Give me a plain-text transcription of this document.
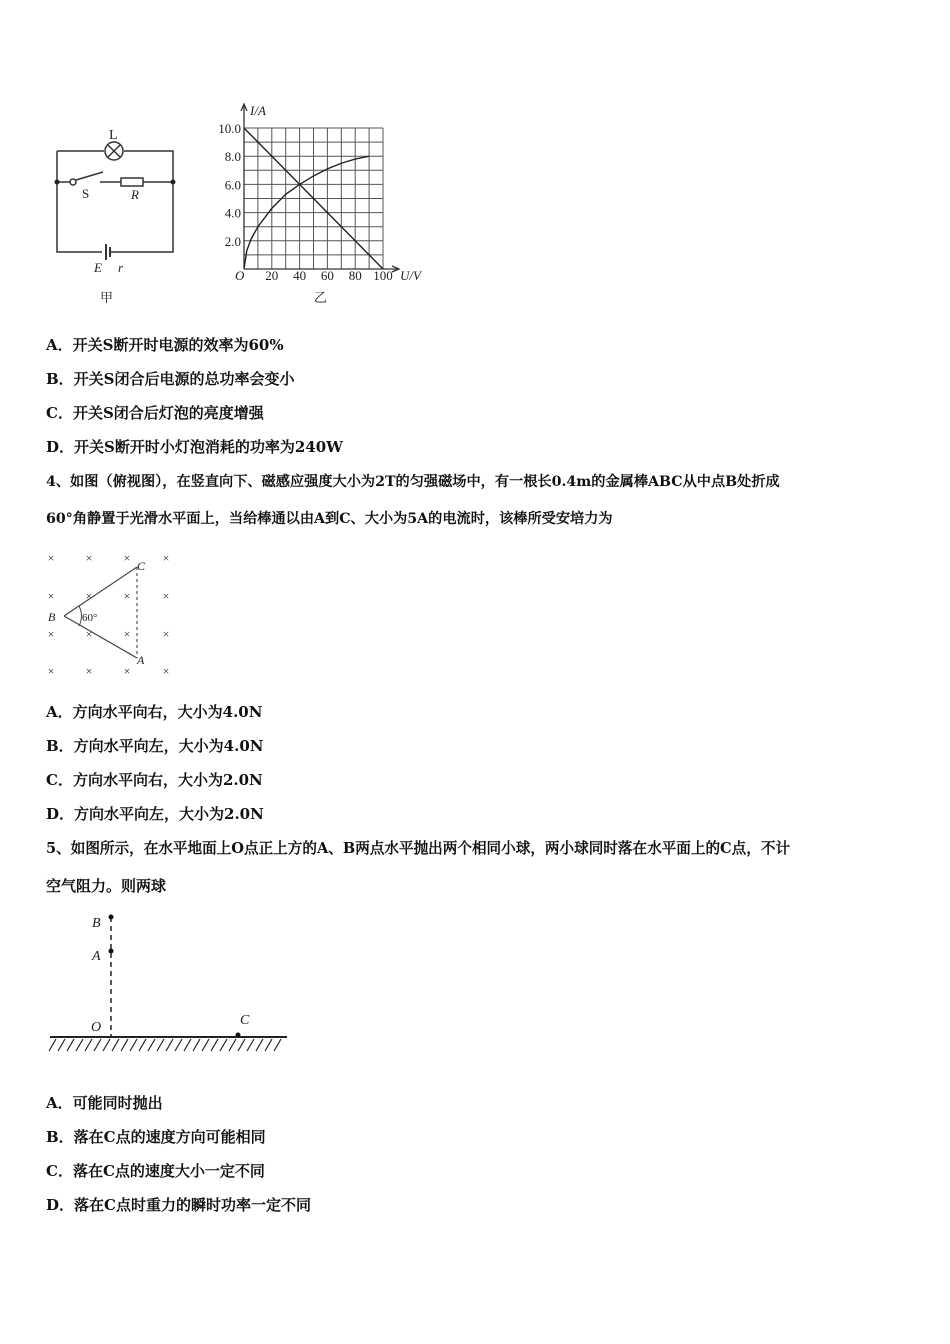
L
S	R
E r
甲
20 40 60 80 100
2.0
4.0
6.0
8.0
10.0
I/A
U/V
O
乙
A．开关S断开时电源的效率为60%
B．开关S闭合后电源的总功率会变小
C．开关S闭合后灯泡的亮度增强
D．开关S断开时小灯泡消耗的功率为240W
4、如图（俯视图），在竖直向下、磁感应强度大小为2T的匀强磁场中，有一根长0.4m的金属棒ABC从中点B处折成
60°角静置于光滑水平面上，当给棒通以由A到C、大小为5A的电流时，该棒所受安培力为
×	×	×	×
×	×	×	×
×	×	×	×
×	×	×	×
B
C
A
60°
A．方向水平向右，大小为4.0N
B．方向水平向左，大小为4.0N
C．方向水平向右，大小为2.0N
D．方向水平向左，大小为2.0N
5、如图所示，在水平地面上O点正上方的A、B两点水平抛出两个相同小球，两小球同时落在水平面上的C点，不计
空气阻力。则两球
B
A
O	C
A．可能同时抛出
B．落在C点的速度方向可能相同
C．落在C点的速度大小一定不同
D．落在C点时重力的瞬时功率一定不同
